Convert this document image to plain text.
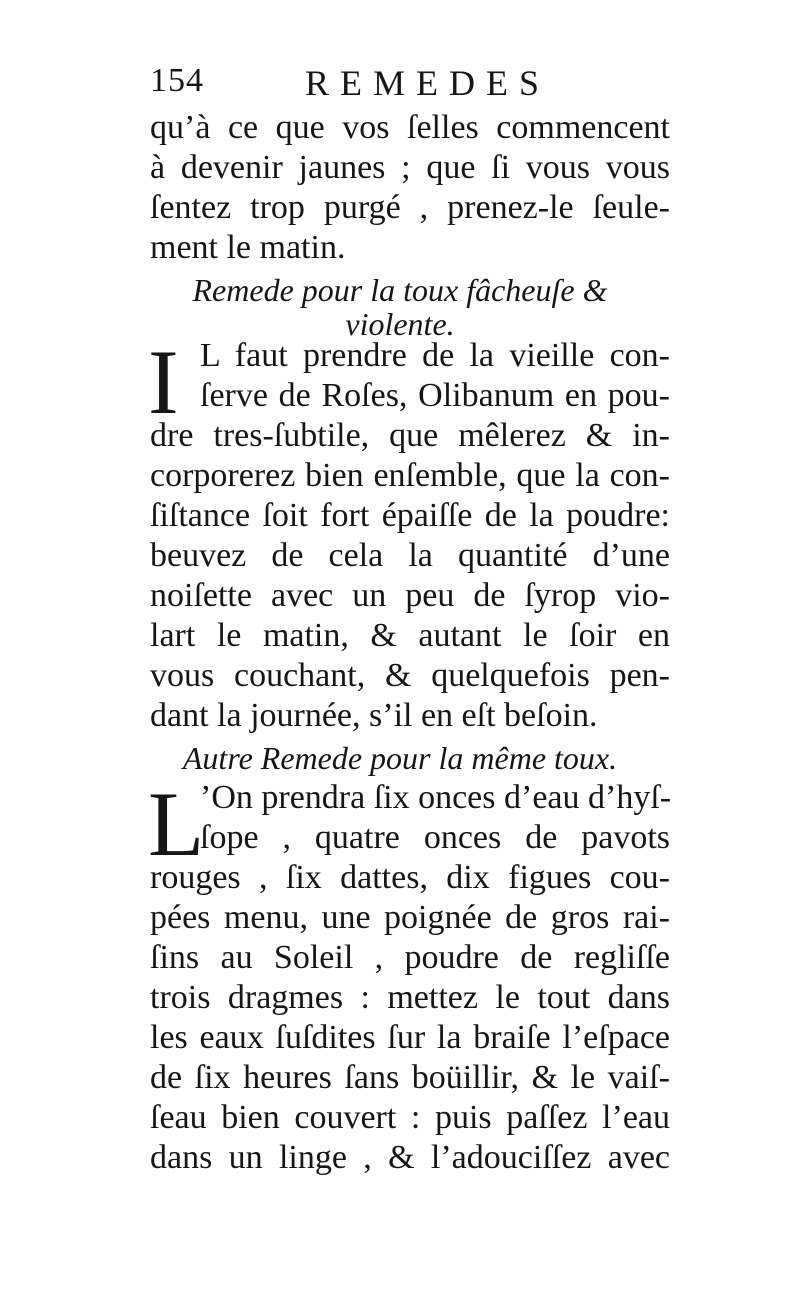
154	REMEDES
qu’à ce que vos ſelles commencent
à devenir jaunes ; que ſi vous vous
ſentez trop purgé , prenez-le ſeule-
ment le matin.
Remede pour la toux fâcheuſe &
violente.
I L faut prendre de la vieille con-
ſerve de Roſes, Olibanum en pou-
dre tres-ſubtile, que mêlerez & in-
corporerez bien enſemble, que la con-
ſiſtance ſoit fort épaiſſe de la poudre:
beuvez de cela la quantité d’une
noiſette avec un peu de ſyrop vio-
lart le matin, & autant le ſoir en
vous couchant, & quelquefois pen-
dant la journée, s’il en eſt beſoin.
Autre Remede pour la même toux.
L
’On prendra ſix onces d’eau d’hyſ-
ſope , quatre onces de pavots
rouges , ſix dattes, dix figues cou-
pées menu, une poignée de gros rai-
ſins au Soleil , poudre de regliſſe
trois dragmes : mettez le tout dans
les eaux ſuſdites ſur la braiſe l’eſpace
de ſix heures ſans boüillir, & le vaiſ-
ſeau bien couvert : puis paſſez l’eau
dans un linge , & l’adouciſſez avec
